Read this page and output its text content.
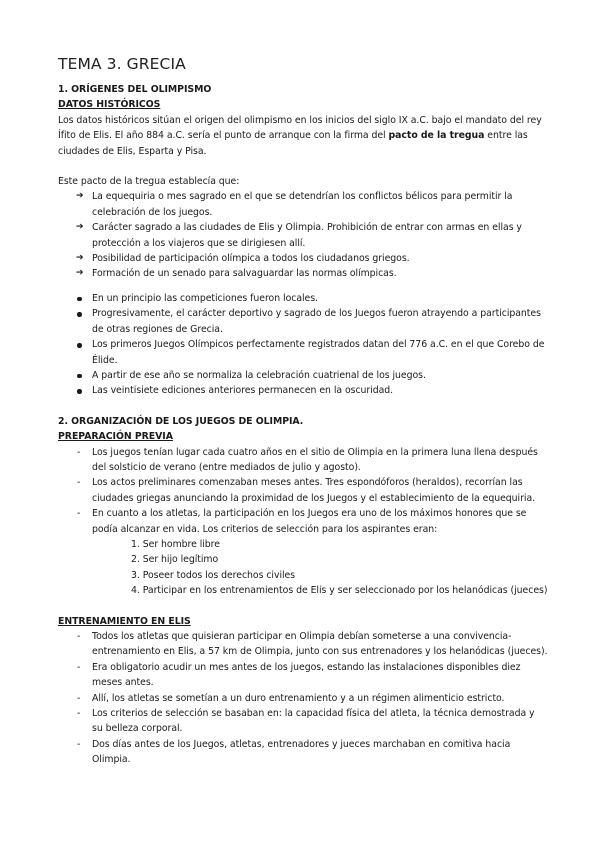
TEMA 3. GRECIA

1. ORÍGENES DEL OLIMPISMO

DATOS HISTÓRICOS

Los datos históricos sitúan el origen del olimpismo en los inicios del siglo IX a.C. bajo el mandato del rey Ífito de Elis. El año 884 a.C. sería el punto de arranque con la firma del pacto de la tregua entre las ciudades de Elis, Esparta y Pisa.

Este pacto de la tregua establecía que:

➔ La equequiria o mes sagrado en el que se detendrían los conflictos bélicos para permitir la celebración de los juegos.
➔ Carácter sagrado a las ciudades de Elis y Olimpia. Prohibición de entrar con armas en ellas y protección a los viajeros que se dirigiesen allí.
➔ Posibilidad de participación olímpica a todos los ciudadanos griegos.
➔ Formación de un senado para salvaguardar las normas olímpicas.
En un principio las competiciones fueron locales.
Progresivamente, el carácter deportivo y sagrado de los Juegos fueron atrayendo a participantes de otras regiones de Grecia.
Los primeros Juegos Olímpicos perfectamente registrados datan del 776 a.C. en el que Corebo de Élide.
A partir de ese año se normaliza la celebración cuatrienal de los juegos.
Las veintisiete ediciones anteriores permanecen en la oscuridad.

2. ORGANIZACIÓN DE LOS JUEGOS DE OLIMPIA.

PREPARACIÓN PREVIA

- Los juegos tenían lugar cada cuatro años en el sitio de Olimpia en la primera luna llena después del solsticio de verano (entre mediados de julio y agosto).
- Los actos preliminares comenzaban meses antes. Tres espondóforos (heraldos), recorrían las ciudades griegas anunciando la proximidad de los Juegos y el establecimiento de la equequiria.
- En cuanto a los atletas, la participación en los Juegos era uno de los máximos honores que se podía alcanzar en vida. Los criterios de selección para los aspirantes eran:
1. Ser hombre libre
2. Ser hijo legítimo
3. Poseer todos los derechos civiles
4. Participar en los entrenamientos de Elis y ser seleccionado por los helanódicas (jueces)

ENTRENAMIENTO EN ELIS

- Todos los atletas que quisieran participar en Olimpia debían someterse a una convivencia-entrenamiento en Elis, a 57 km de Olimpia, junto con sus entrenadores y los helanódicas (jueces).
- Era obligatorio acudir un mes antes de los juegos, estando las instalaciones disponibles diez meses antes.
- Allí, los atletas se sometían a un duro entrenamiento y a un régimen alimenticio estricto.
- Los criterios de selección se basaban en: la capacidad física del atleta, la técnica demostrada y su belleza corporal.
- Dos días antes de los Juegos, atletas, entrenadores y jueces marchaban en comitiva hacia Olimpia.
